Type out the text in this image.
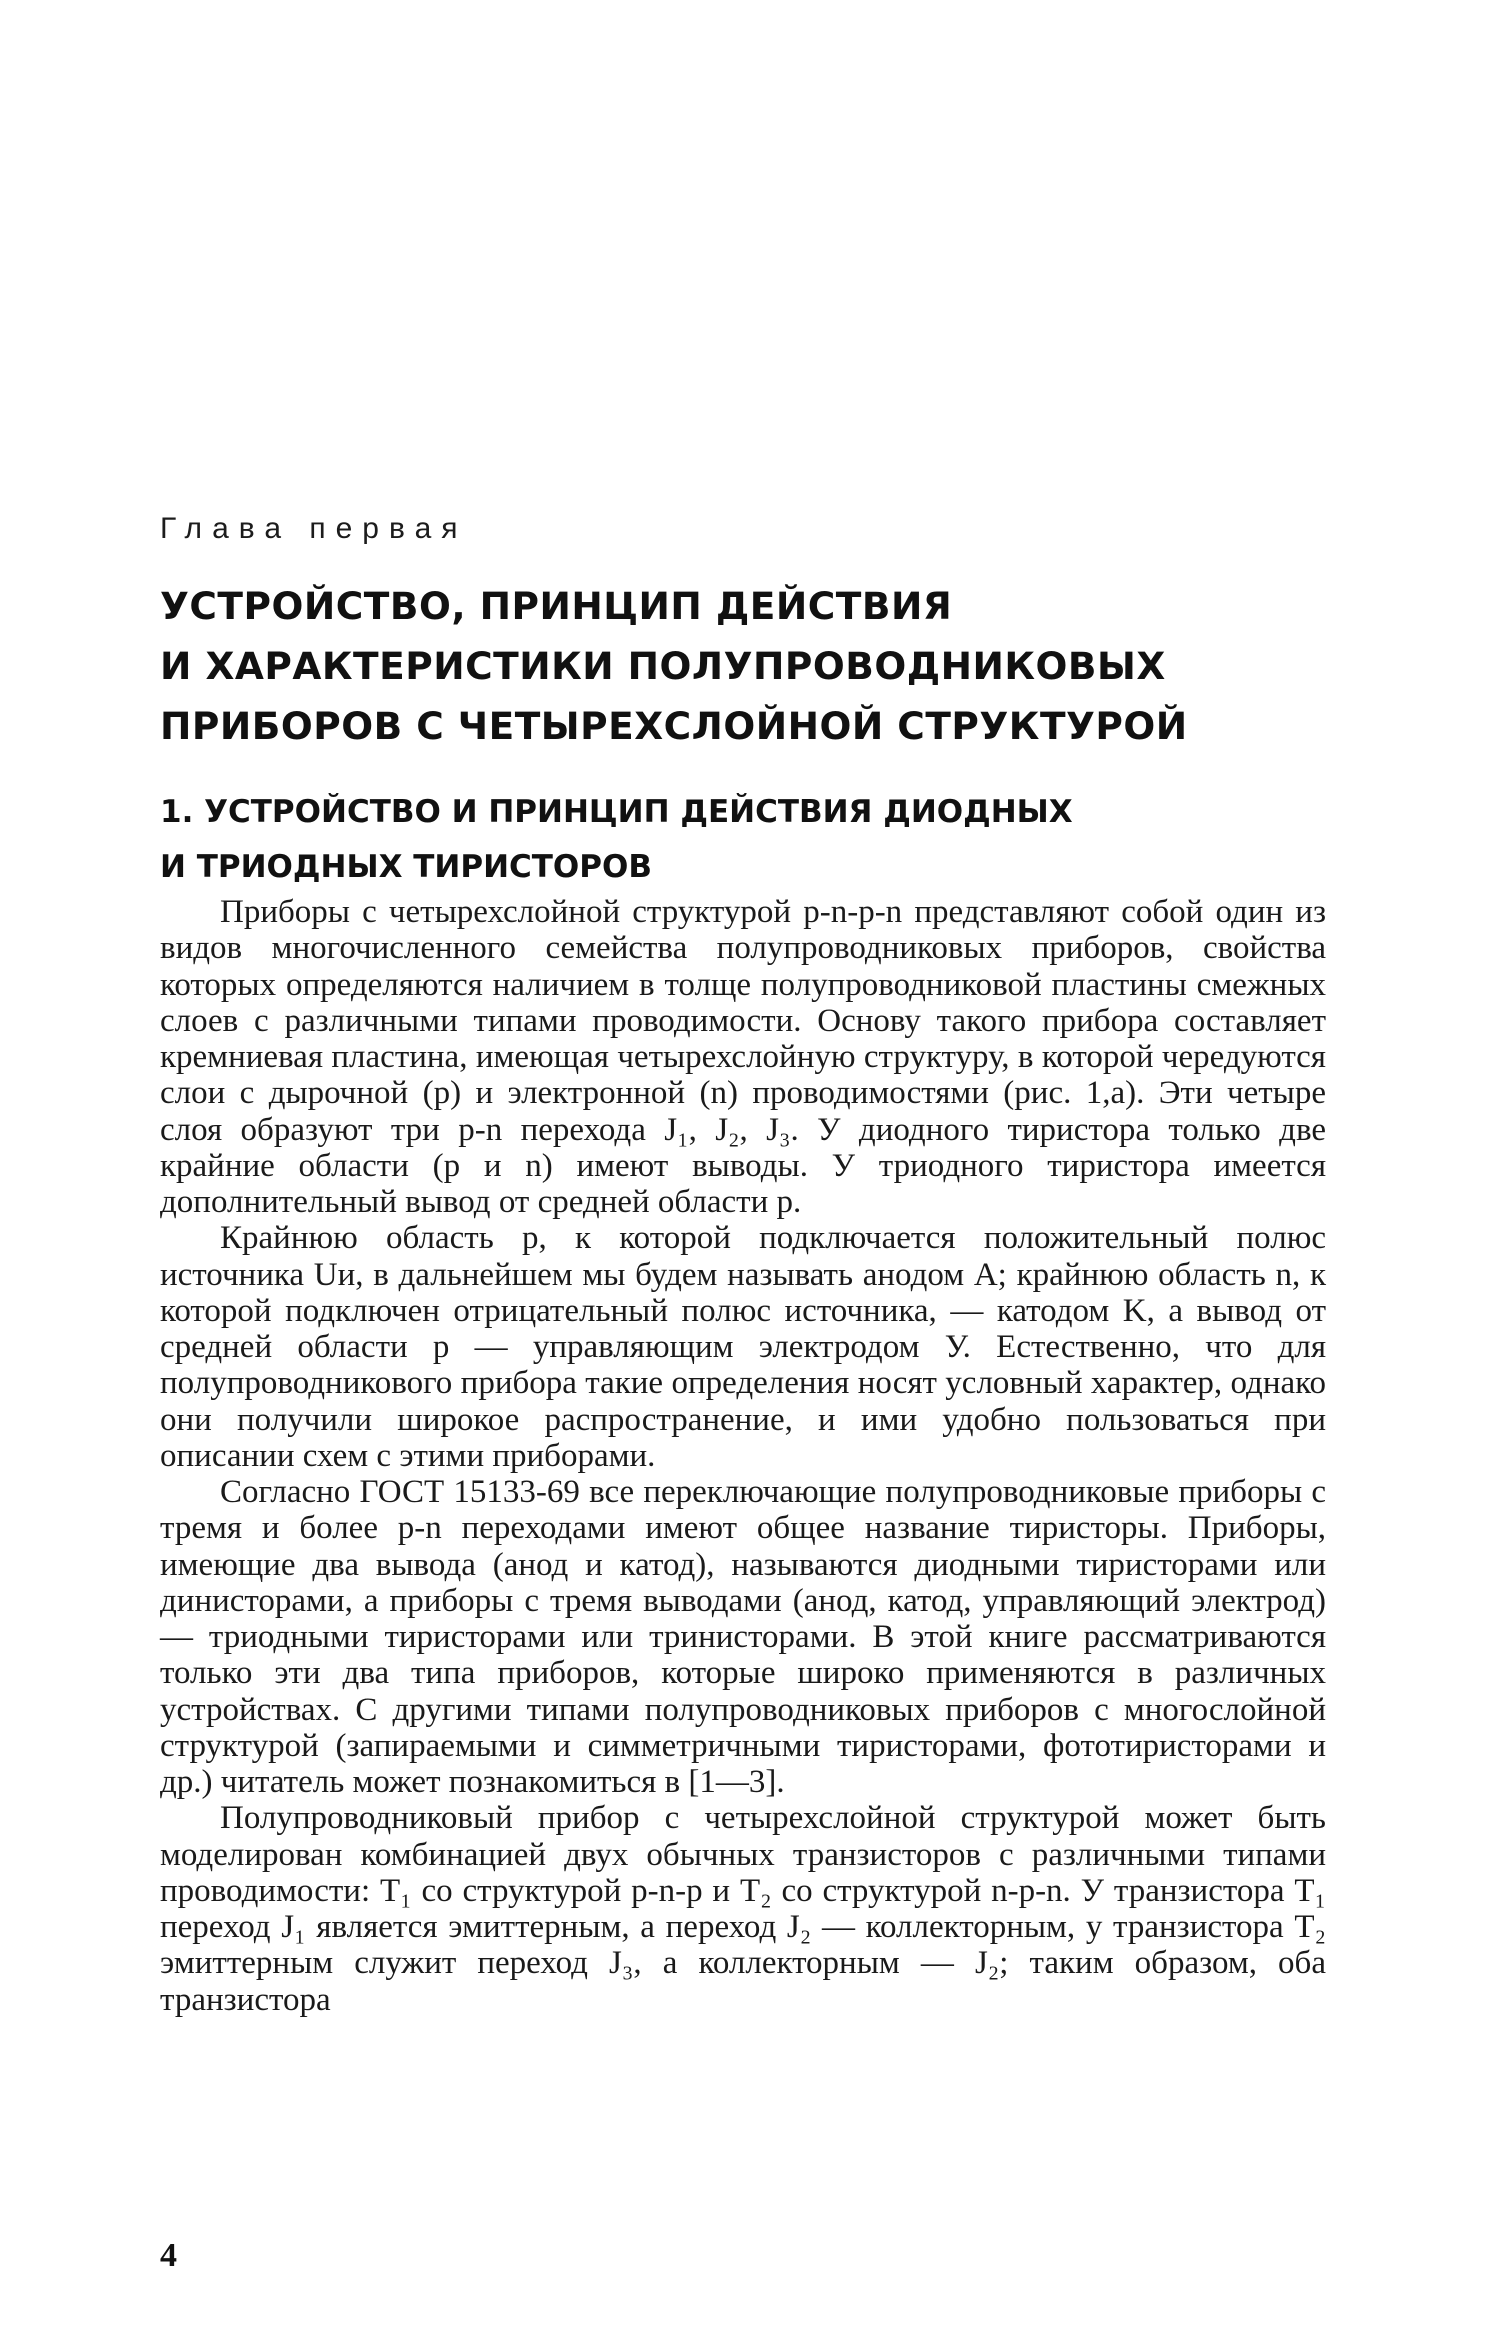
Глава первая
УСТРОЙСТВО, ПРИНЦИП ДЕЙСТВИЯ
И ХАРАКТЕРИСТИКИ ПОЛУПРОВОДНИКОВЫХ
ПРИБОРОВ С ЧЕТЫРЕХСЛОЙНОЙ СТРУКТУРОЙ
1. УСТРОЙСТВО И ПРИНЦИП ДЕЙСТВИЯ ДИОДНЫХ
И ТРИОДНЫХ ТИРИСТОРОВ

Приборы с четырехслойной структурой p-n-p-n представляют собой один из видов многочисленного семейства полупроводниковых приборов, свойства которых определяются наличием в толще полупроводниковой пластины смежных слоев с различными типами проводимости. Основу такого прибора составляет кремниевая пластина, имеющая четырехслойную структуру, в которой чередуются слои с дырочной (p) и электронной (n) проводимостями (рис. 1,a). Эти четыре слоя образуют три p-n перехода J₁, J₂, J₃. У диодного тиристора только две крайние области (p и n) имеют выводы. У триодного тиристора имеется дополнительный вывод от средней области p.

Крайнюю область p, к которой подключается положительный полюс источника Uи, в дальнейшем мы будем называть анодом A; крайнюю область n, к которой подключен отрицательный полюс источника, — катодом K, а вывод от средней области p — управляющим электродом У. Естественно, что для полупроводникового прибора такие определения носят условный характер, однако они получили широкое распространение, и ими удобно пользоваться при описании схем с этими приборами.

Согласно ГОСТ 15133-69 все переключающие полупроводниковые приборы с тремя и более p-n переходами имеют общее название тиристоры. Приборы, имеющие два вывода (анод и катод), называются диодными тиристорами или динисторами, а приборы с тремя выводами (анод, катод, управляющий электрод) — триодными тиристорами или тринисторами. В этой книге рассматриваются только эти два типа приборов, которые широко применяются в различных устройствах. С другими типами полупроводниковых приборов с многослойной структурой (запираемыми и симметричными тиристорами, фототиристорами и др.) читатель может познакомиться в [1—3].

Полупроводниковый прибор с четырехслойной структурой может быть моделирован комбинацией двух обычных транзисторов с различными типами проводимости: T₁ со структурой p-n-p и T₂ со структурой n-p-n. У транзистора T₁ переход J₁ является эмиттерным, а переход J₂ — коллекторным, у транзистора T₂ эмиттерным служит переход J₃, а коллекторным — J₂; таким образом, оба транзистора

4
